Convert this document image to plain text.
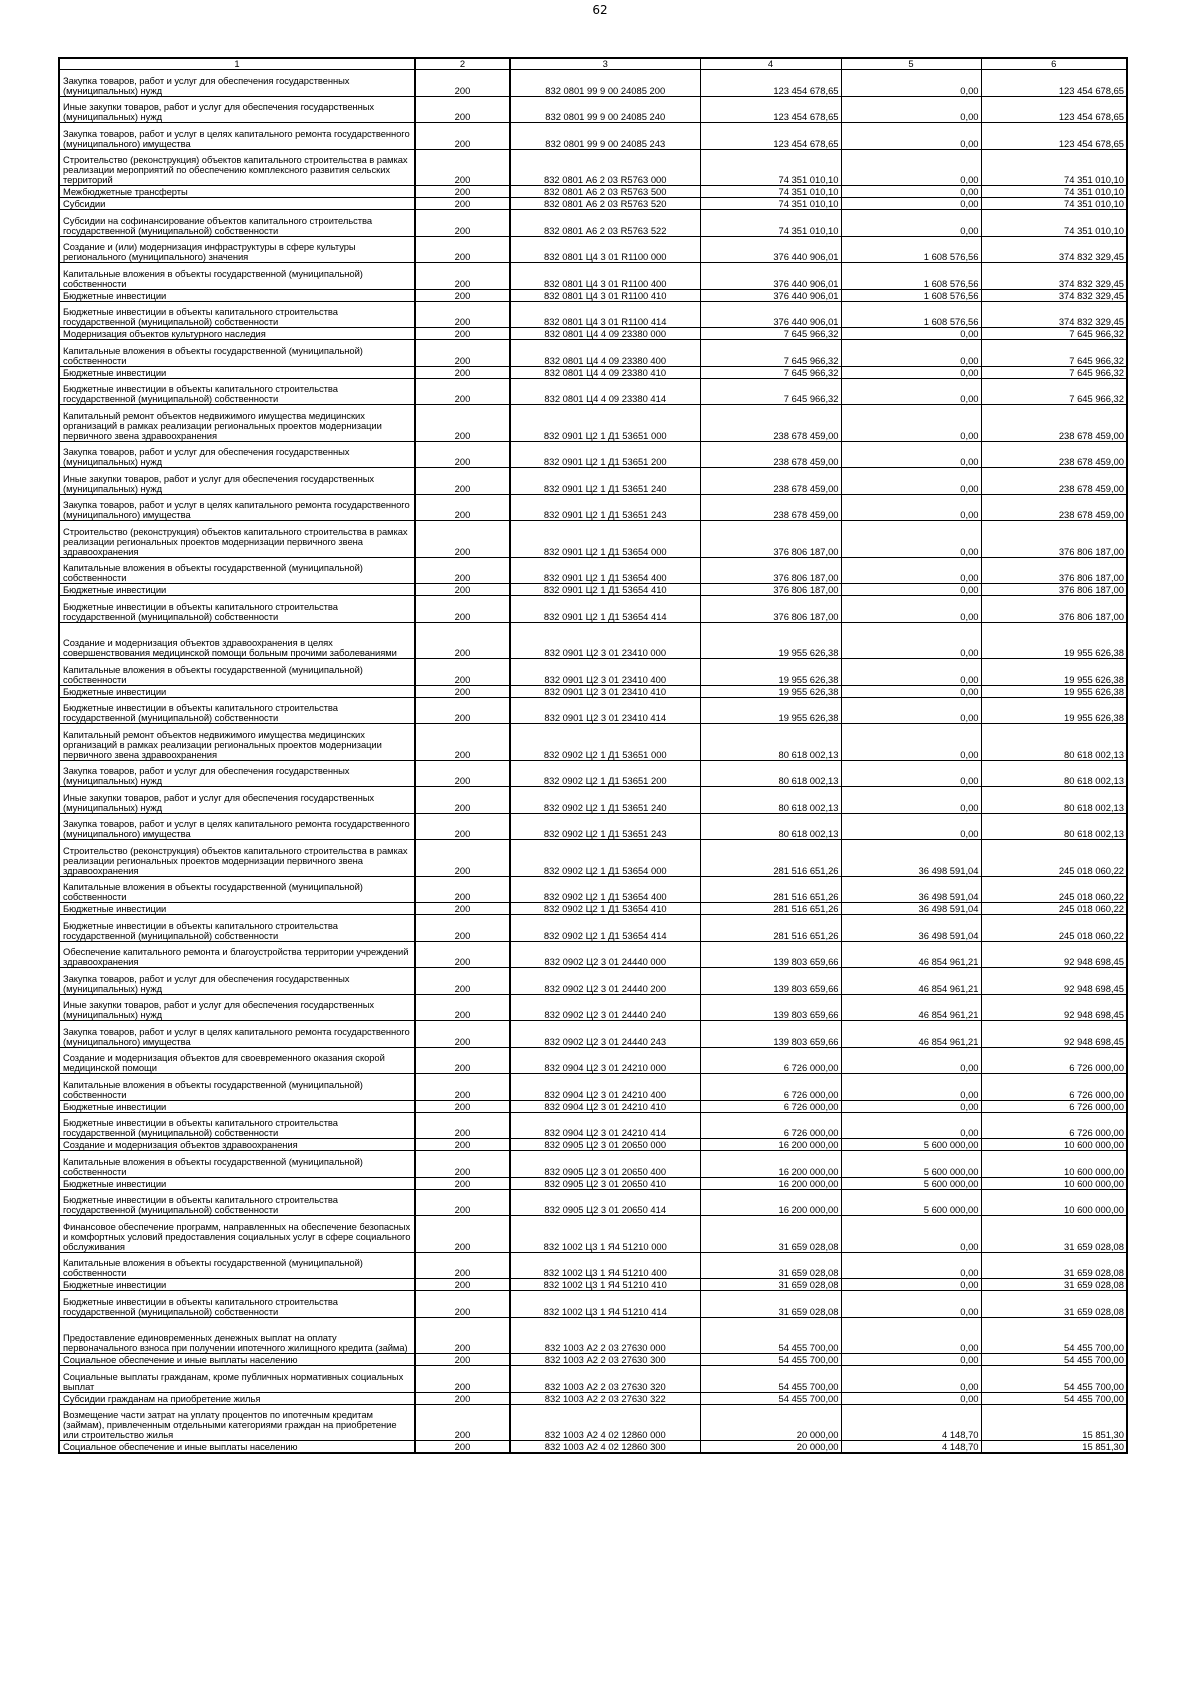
62
1	2	3	4	5	6
Закупка товаров, работ и услуг для обеспечения государственных (муниципальных) нужд	200	832 0801 99 9 00 24085 200	123 454 678,65	0,00	123 454 678,65
Иные закупки товаров, работ и услуг для обеспечения государственных (муниципальных) нужд	200	832 0801 99 9 00 24085 240	123 454 678,65	0,00	123 454 678,65
Закупка товаров, работ и услуг в целях капитального ремонта государственного (муниципального) имущества	200	832 0801 99 9 00 24085 243	123 454 678,65	0,00	123 454 678,65
Строительство (реконструкция) объектов капитального строительства в рамках реализации мероприятий по обеспечению комплексного развития сельских территорий	200	832 0801 А6 2 03 R5763 000	74 351 010,10	0,00	74 351 010,10
Межбюджетные трансферты	200	832 0801 А6 2 03 R5763 500	74 351 010,10	0,00	74 351 010,10
Субсидии	200	832 0801 А6 2 03 R5763 520	74 351 010,10	0,00	74 351 010,10
Субсидии на софинансирование объектов капитального строительства государственной (муниципальной) собственности	200	832 0801 А6 2 03 R5763 522	74 351 010,10	0,00	74 351 010,10
Создание и (или) модернизация инфраструктуры в сфере культуры регионального (муниципального) значения	200	832 0801 Ц4 3 01 R1100 000	376 440 906,01	1 608 576,56	374 832 329,45
Капитальные вложения в объекты государственной (муниципальной) собственности	200	832 0801 Ц4 3 01 R1100 400	376 440 906,01	1 608 576,56	374 832 329,45
Бюджетные инвестиции	200	832 0801 Ц4 3 01 R1100 410	376 440 906,01	1 608 576,56	374 832 329,45
Бюджетные инвестиции в объекты капитального строительства государственной (муниципальной) собственности	200	832 0801 Ц4 3 01 R1100 414	376 440 906,01	1 608 576,56	374 832 329,45
Модернизация объектов культурного наследия	200	832 0801 Ц4 4 09 23380 000	7 645 966,32	0,00	7 645 966,32
Капитальные вложения в объекты государственной (муниципальной) собственности	200	832 0801 Ц4 4 09 23380 400	7 645 966,32	0,00	7 645 966,32
Бюджетные инвестиции	200	832 0801 Ц4 4 09 23380 410	7 645 966,32	0,00	7 645 966,32
Бюджетные инвестиции в объекты капитального строительства государственной (муниципальной) собственности	200	832 0801 Ц4 4 09 23380 414	7 645 966,32	0,00	7 645 966,32
Капитальный ремонт объектов недвижимого имущества медицинских организаций в рамках реализации региональных проектов модернизации первичного звена здравоохранения	200	832 0901 Ц2 1 Д1 53651 000	238 678 459,00	0,00	238 678 459,00
Закупка товаров, работ и услуг для обеспечения государственных (муниципальных) нужд	200	832 0901 Ц2 1 Д1 53651 200	238 678 459,00	0,00	238 678 459,00
Иные закупки товаров, работ и услуг для обеспечения государственных (муниципальных) нужд	200	832 0901 Ц2 1 Д1 53651 240	238 678 459,00	0,00	238 678 459,00
Закупка товаров, работ и услуг в целях капитального ремонта государственного (муниципального) имущества	200	832 0901 Ц2 1 Д1 53651 243	238 678 459,00	0,00	238 678 459,00
Строительство (реконструкция) объектов капитального строительства в рамках реализации региональных проектов модернизации первичного звена здравоохранения	200	832 0901 Ц2 1 Д1 53654 000	376 806 187,00	0,00	376 806 187,00
Капитальные вложения в объекты государственной (муниципальной) собственности	200	832 0901 Ц2 1 Д1 53654 400	376 806 187,00	0,00	376 806 187,00
Бюджетные инвестиции	200	832 0901 Ц2 1 Д1 53654 410	376 806 187,00	0,00	376 806 187,00
Бюджетные инвестиции в объекты капитального строительства государственной (муниципальной) собственности	200	832 0901 Ц2 1 Д1 53654 414	376 806 187,00	0,00	376 806 187,00
Создание и модернизация объектов здравоохранения в целях совершенствования медицинской помощи больным прочими заболеваниями	200	832 0901 Ц2 3 01 23410 000	19 955 626,38	0,00	19 955 626,38
Капитальные вложения в объекты государственной (муниципальной) собственности	200	832 0901 Ц2 3 01 23410 400	19 955 626,38	0,00	19 955 626,38
Бюджетные инвестиции	200	832 0901 Ц2 3 01 23410 410	19 955 626,38	0,00	19 955 626,38
Бюджетные инвестиции в объекты капитального строительства государственной (муниципальной) собственности	200	832 0901 Ц2 3 01 23410 414	19 955 626,38	0,00	19 955 626,38
Капитальный ремонт объектов недвижимого имущества медицинских организаций в рамках реализации региональных проектов модернизации первичного звена здравоохранения	200	832 0902 Ц2 1 Д1 53651 000	80 618 002,13	0,00	80 618 002,13
Закупка товаров, работ и услуг для обеспечения государственных (муниципальных) нужд	200	832 0902 Ц2 1 Д1 53651 200	80 618 002,13	0,00	80 618 002,13
Иные закупки товаров, работ и услуг для обеспечения государственных (муниципальных) нужд	200	832 0902 Ц2 1 Д1 53651 240	80 618 002,13	0,00	80 618 002,13
Закупка товаров, работ и услуг в целях капитального ремонта государственного (муниципального) имущества	200	832 0902 Ц2 1 Д1 53651 243	80 618 002,13	0,00	80 618 002,13
Строительство (реконструкция) объектов капитального строительства в рамках реализации региональных проектов модернизации первичного звена здравоохранения	200	832 0902 Ц2 1 Д1 53654 000	281 516 651,26	36 498 591,04	245 018 060,22
Капитальные вложения в объекты государственной (муниципальной) собственности	200	832 0902 Ц2 1 Д1 53654 400	281 516 651,26	36 498 591,04	245 018 060,22
Бюджетные инвестиции	200	832 0902 Ц2 1 Д1 53654 410	281 516 651,26	36 498 591,04	245 018 060,22
Бюджетные инвестиции в объекты капитального строительства государственной (муниципальной) собственности	200	832 0902 Ц2 1 Д1 53654 414	281 516 651,26	36 498 591,04	245 018 060,22
Обеспечение капитального ремонта и благоустройства территории учреждений здравоохранения	200	832 0902 Ц2 3 01 24440 000	139 803 659,66	46 854 961,21	92 948 698,45
Закупка товаров, работ и услуг для обеспечения государственных (муниципальных) нужд	200	832 0902 Ц2 3 01 24440 200	139 803 659,66	46 854 961,21	92 948 698,45
Иные закупки товаров, работ и услуг для обеспечения государственных (муниципальных) нужд	200	832 0902 Ц2 3 01 24440 240	139 803 659,66	46 854 961,21	92 948 698,45
Закупка товаров, работ и услуг в целях капитального ремонта государственного (муниципального) имущества	200	832 0902 Ц2 3 01 24440 243	139 803 659,66	46 854 961,21	92 948 698,45
Создание и модернизация объектов для своевременного оказания скорой медицинской помощи	200	832 0904 Ц2 3 01 24210 000	6 726 000,00	0,00	6 726 000,00
Капитальные вложения в объекты государственной (муниципальной) собственности	200	832 0904 Ц2 3 01 24210 400	6 726 000,00	0,00	6 726 000,00
Бюджетные инвестиции	200	832 0904 Ц2 3 01 24210 410	6 726 000,00	0,00	6 726 000,00
Бюджетные инвестиции в объекты капитального строительства государственной (муниципальной) собственности	200	832 0904 Ц2 3 01 24210 414	6 726 000,00	0,00	6 726 000,00
Создание и модернизация объектов здравоохранения	200	832 0905 Ц2 3 01 20650 000	16 200 000,00	5 600 000,00	10 600 000,00
Капитальные вложения в объекты государственной (муниципальной) собственности	200	832 0905 Ц2 3 01 20650 400	16 200 000,00	5 600 000,00	10 600 000,00
Бюджетные инвестиции	200	832 0905 Ц2 3 01 20650 410	16 200 000,00	5 600 000,00	10 600 000,00
Бюджетные инвестиции в объекты капитального строительства государственной (муниципальной) собственности	200	832 0905 Ц2 3 01 20650 414	16 200 000,00	5 600 000,00	10 600 000,00
Финансовое обеспечение программ, направленных на обеспечение безопасных и комфортных условий предоставления социальных услуг в сфере социального обслуживания	200	832 1002 Ц3 1 Я4 51210 000	31 659 028,08	0,00	31 659 028,08
Капитальные вложения в объекты государственной (муниципальной) собственности	200	832 1002 Ц3 1 Я4 51210 400	31 659 028,08	0,00	31 659 028,08
Бюджетные инвестиции	200	832 1002 Ц3 1 Я4 51210 410	31 659 028,08	0,00	31 659 028,08
Бюджетные инвестиции в объекты капитального строительства государственной (муниципальной) собственности	200	832 1002 Ц3 1 Я4 51210 414	31 659 028,08	0,00	31 659 028,08
Предоставление единовременных денежных выплат на оплату первоначального взноса при получении ипотечного жилищного кредита (займа)	200	832 1003 А2 2 03 27630 000	54 455 700,00	0,00	54 455 700,00
Социальное обеспечение и иные выплаты населению	200	832 1003 А2 2 03 27630 300	54 455 700,00	0,00	54 455 700,00
Социальные выплаты гражданам, кроме публичных нормативных социальных выплат	200	832 1003 А2 2 03 27630 320	54 455 700,00	0,00	54 455 700,00
Субсидии гражданам на приобретение жилья	200	832 1003 А2 2 03 27630 322	54 455 700,00	0,00	54 455 700,00
Возмещение части затрат на уплату процентов по ипотечным кредитам (займам), привлеченным отдельными категориями граждан на приобретение или строительство жилья	200	832 1003 А2 4 02 12860 000	20 000,00	4 148,70	15 851,30
Социальное обеспечение и иные выплаты населению	200	832 1003 А2 4 02 12860 300	20 000,00	4 148,70	15 851,30
